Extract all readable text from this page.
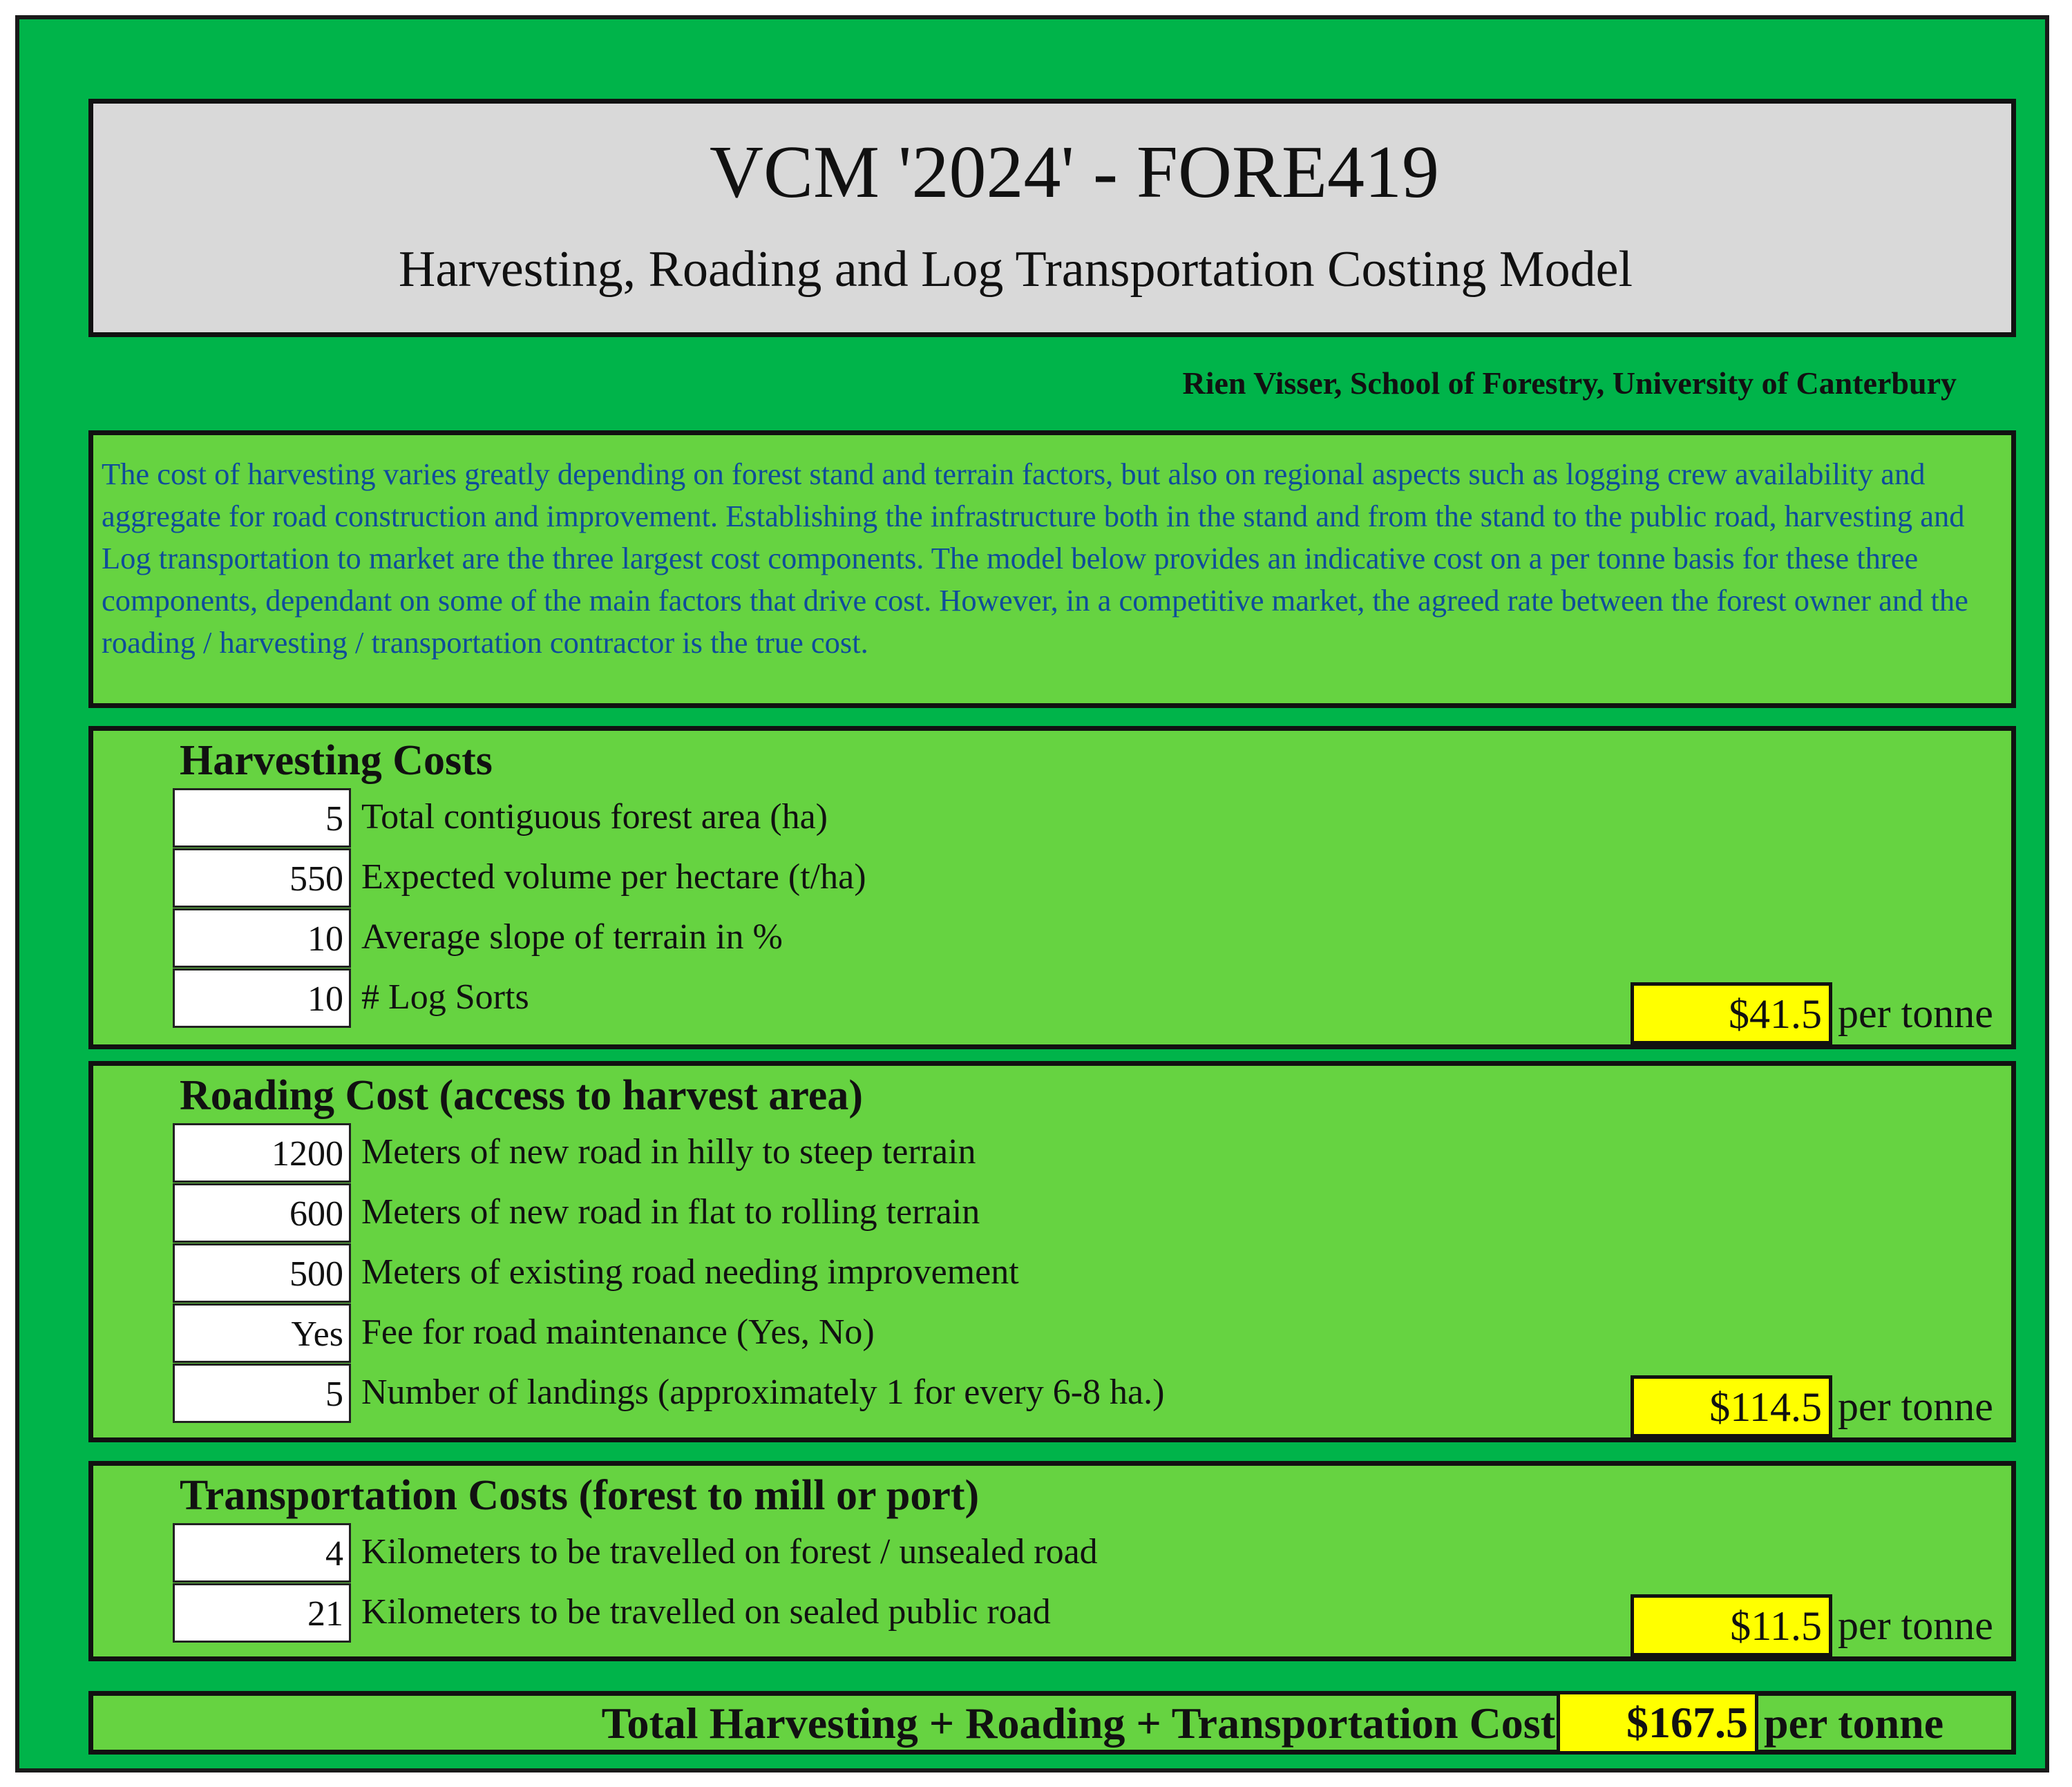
VCM '2024' - FORE419
Harvesting, Roading and Log Transportation Costing Model
Rien Visser, School of Forestry, University of Canterbury

The cost of harvesting varies greatly depending on forest stand and terrain factors, but also on regional aspects such as logging crew availability and aggregate for road construction and improvement. Establishing the infrastructure both in the stand and from the stand to the public road, harvesting and Log transportation to market are the three largest cost components. The model below provides an indicative cost on a per tonne basis for these three components, dependant on some of the main factors that drive cost. However, in a competitive market, the agreed rate between the forest owner and the roading / harvesting / transportation contractor is the true cost.

Harvesting Costs
5 Total contiguous forest area (ha)
550 Expected volume per hectare (t/ha)
10 Average slope of terrain in %
10 # Log Sorts	$41.5 per tonne
Roading Cost (access to harvest area)
1200 Meters of new road in hilly to steep terrain
600 Meters of new road in flat to rolling terrain
500 Meters of existing road needing improvement
Yes Fee for road maintenance (Yes, No)
5 Number of landings (approximately 1 for every 6-8 ha.)	$114.5 per tonne
Transportation Costs (forest to mill or port)
4 Kilometers to be travelled on forest / unsealed road
21 Kilometers to be travelled on sealed public road	$11.5 per tonne
Total Harvesting + Roading + Transportation Cost	$167.5 per tonne
